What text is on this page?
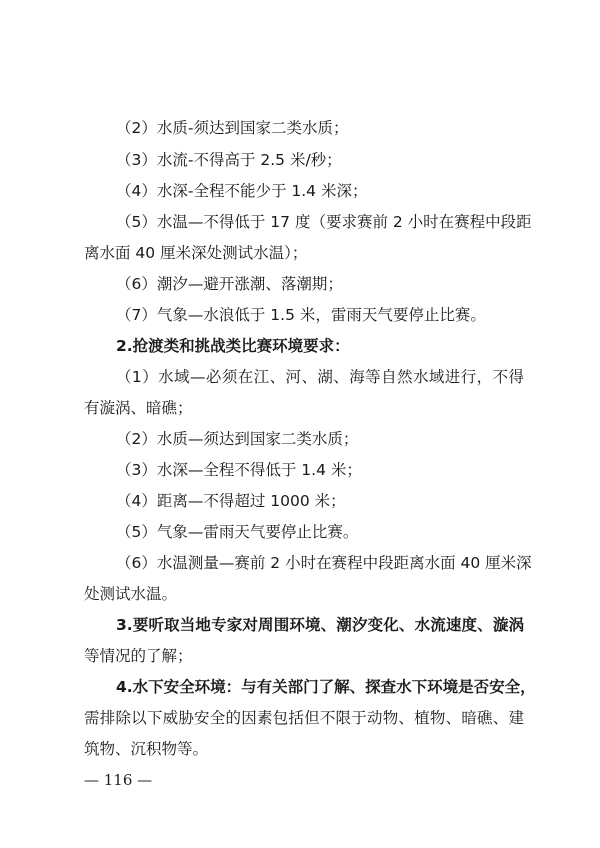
（2）水质-须达到国家二类水质；
（3）水流-不得高于 2.5 米/秒；
（4）水深-全程不能少于 1.4 米深；
（5）水温—不得低于 17 度（要求赛前 2 小时在赛程中段距
离水面 40 厘米深处测试水温）；
（6）潮汐—避开涨潮、落潮期；
（7）气象—水浪低于 1.5 米，雷雨天气要停止比赛。
2.抢渡类和挑战类比赛环境要求：
（1）水域—必须在江、河、湖、海等自然水域进行，不得
有漩涡、暗礁；
（2）水质—须达到国家二类水质；
（3）水深—全程不得低于 1.4 米；
（4）距离—不得超过 1000 米；
（5）气象—雷雨天气要停止比赛。
（6）水温测量—赛前 2 小时在赛程中段距离水面 40 厘米深
处测试水温。
3.要听取当地专家对周围环境、潮汐变化、水流速度、漩涡
等情况的了解；
4.水下安全环境：与有关部门了解、探查水下环境是否安全，
需排除以下威胁安全的因素包括但不限于动物、植物、暗礁、建
筑物、沉积物等。
— 116 —
